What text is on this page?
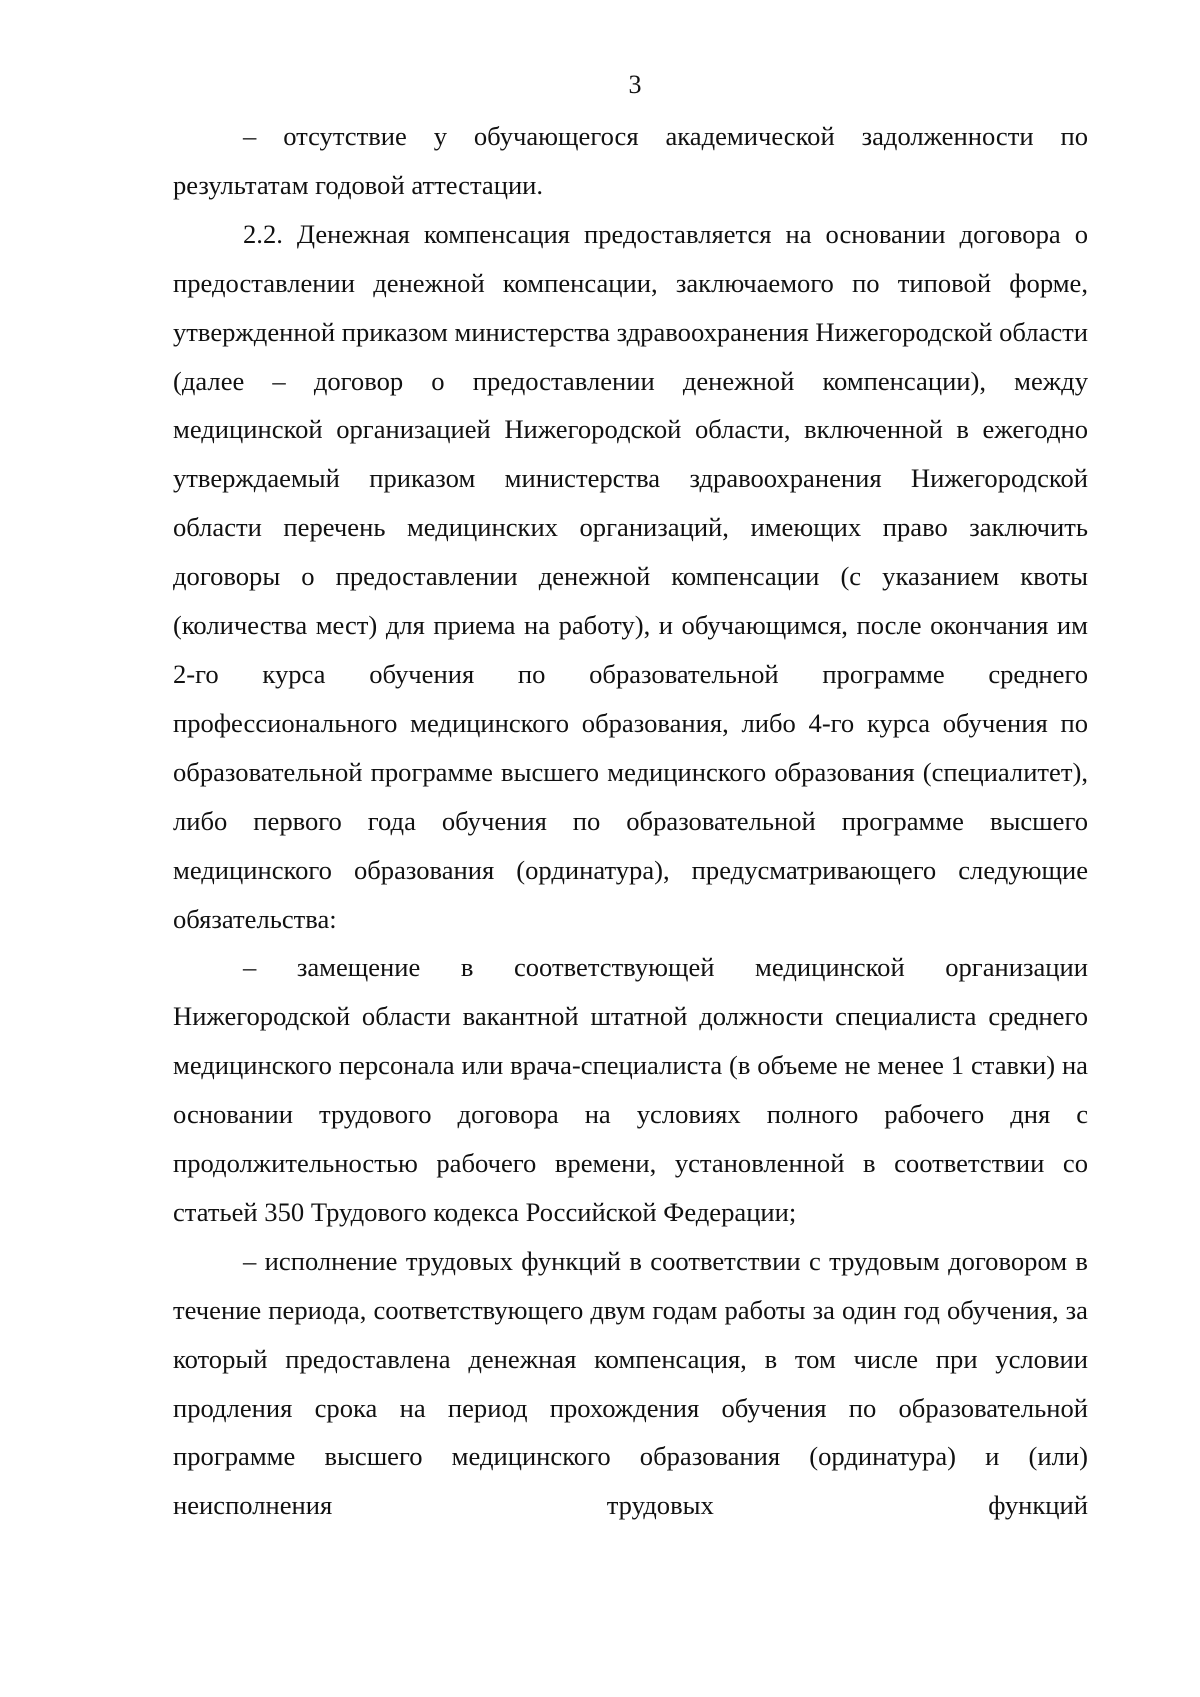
3

– отсутствие у обучающегося академической задолженности по результатам годовой аттестации.

2.2. Денежная компенсация предоставляется на основании договора о предоставлении денежной компенсации, заключаемого по типовой форме, утвержденной приказом министерства здравоохранения Нижегородской области (далее – договор о предоставлении денежной компенсации), между медицинской организацией Нижегородской области, включенной в ежегодно утверждаемый приказом министерства здравоохранения Нижегородской области перечень медицинских организаций, имеющих право заключить договоры о предоставлении денежной компенсации (с указанием квоты (количества мест) для приема на работу), и обучающимся, после окончания им 2-го курса обучения по образовательной программе среднего профессионального медицинского образования, либо 4-го курса обучения по образовательной программе высшего медицинского образования (специалитет), либо первого года обучения по образовательной программе высшего медицинского образования (ординатура), предусматривающего следующие обязательства:

– замещение в соответствующей медицинской организации Нижегородской области вакантной штатной должности специалиста среднего медицинского персонала или врача-специалиста (в объеме не менее 1 ставки) на основании трудового договора на условиях полного рабочего дня с продолжительностью рабочего времени, установленной в соответствии со статьей 350 Трудового кодекса Российской Федерации;

– исполнение трудовых функций в соответствии с трудовым договором в течение периода, соответствующего двум годам работы за один год обучения, за который предоставлена денежная компенсация, в том числе при условии продления срока на период прохождения обучения по образовательной программе высшего медицинского образования (ординатура) и (или) неисполнения трудовых функций
